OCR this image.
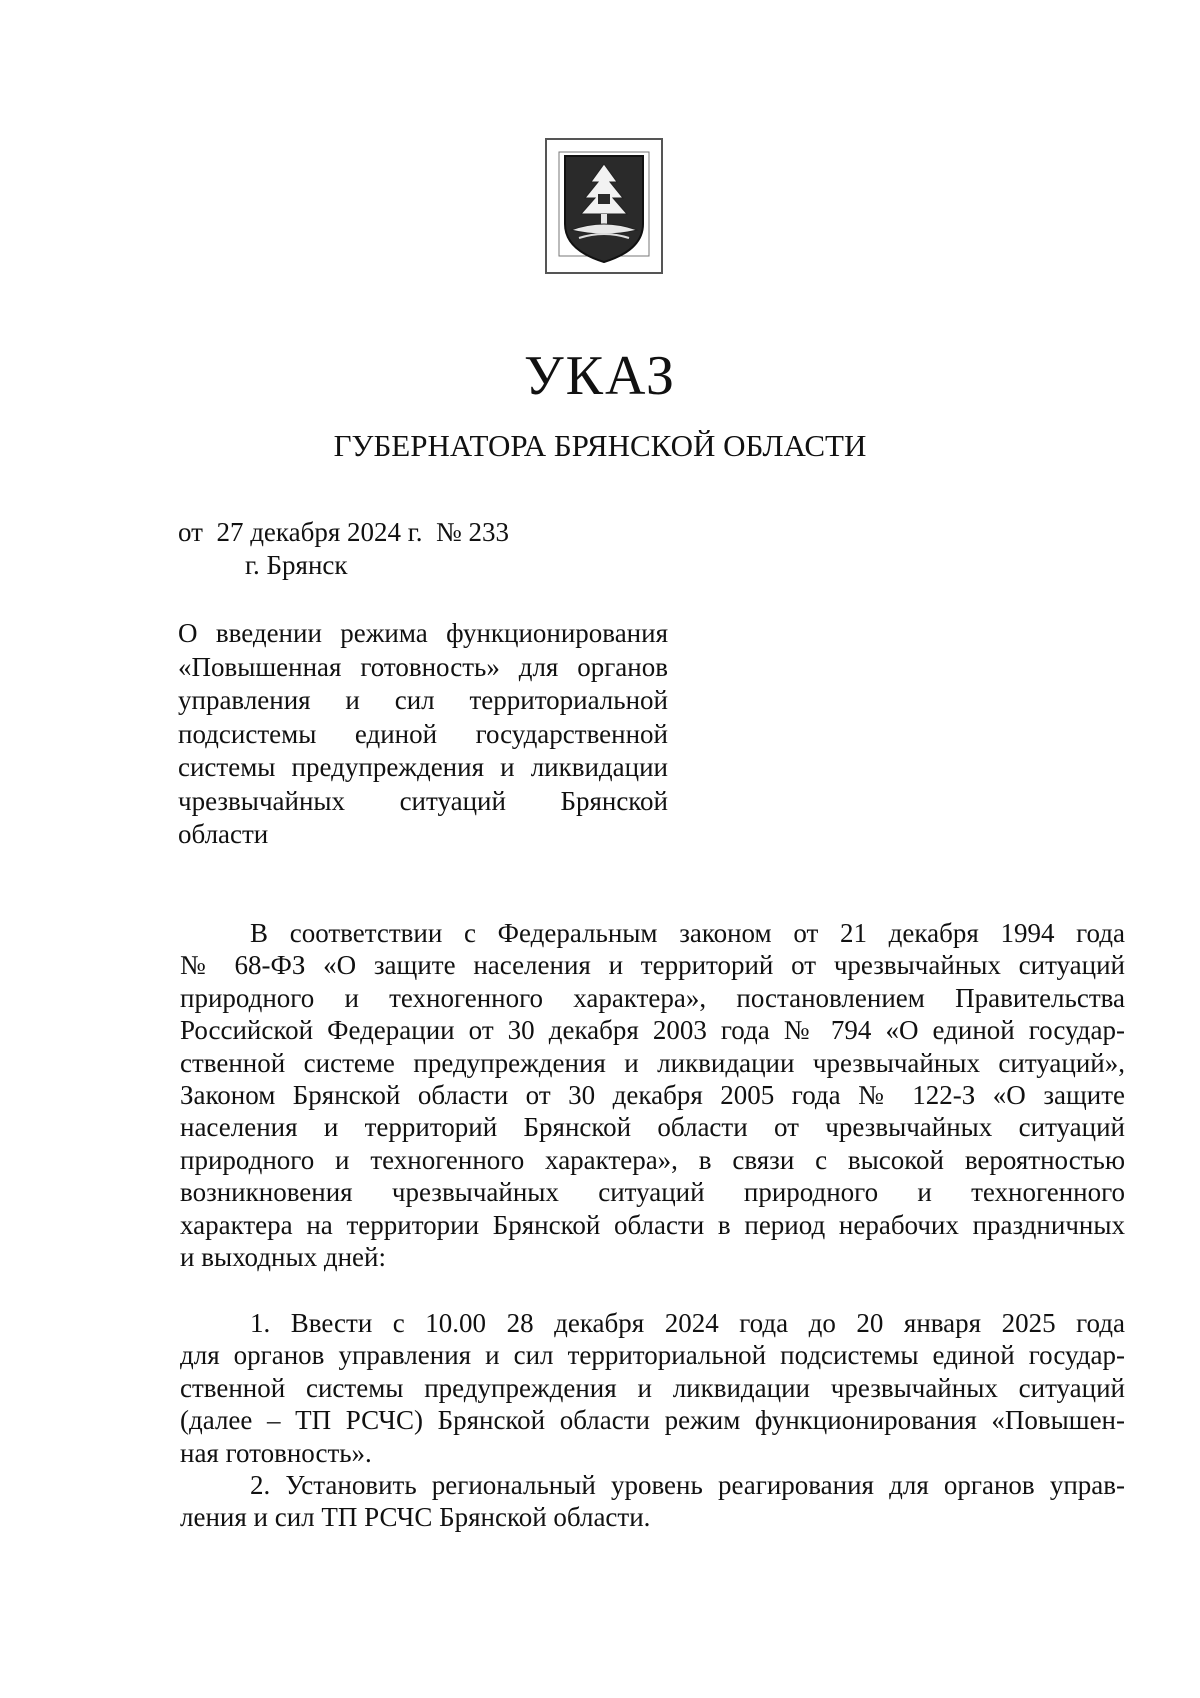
УКАЗ
ГУБЕРНАТОРА БРЯНСКОЙ ОБЛАСТИ
от  27 декабря 2024 г.  № 233
г. Брянск
О введении режима функционирования
«Повышенная готовность» для органов
управления и сил территориальной
подсистемы единой государственной
системы предупреждения и ликвидации
чрезвычайных ситуаций Брянской
области
В соответствии с Федеральным законом от 21 декабря 1994 года
№ 68-ФЗ «О защите населения и территорий от чрезвычайных ситуаций
природного и техногенного характера», постановлением Правительства
Российской Федерации от 30 декабря 2003 года № 794 «О единой государ-
ственной системе предупреждения и ликвидации чрезвычайных ситуаций»,
Законом Брянской области от 30 декабря 2005 года № 122-З «О защите
населения и территорий Брянской области от чрезвычайных ситуаций
природного и техногенного характера», в связи с высокой вероятностью
возникновения чрезвычайных ситуаций природного и техногенного
характера на территории Брянской области в период нерабочих праздничных
и выходных дней:
1. Ввести с 10.00 28 декабря 2024 года до 20 января 2025 года
для органов управления и сил территориальной подсистемы единой государ-
ственной системы предупреждения и ликвидации чрезвычайных ситуаций
(далее – ТП РСЧС) Брянской области режим функционирования «Повышен-
ная готовность».
2. Установить региональный уровень реагирования для органов управ-
ления и сил ТП РСЧС Брянской области.
